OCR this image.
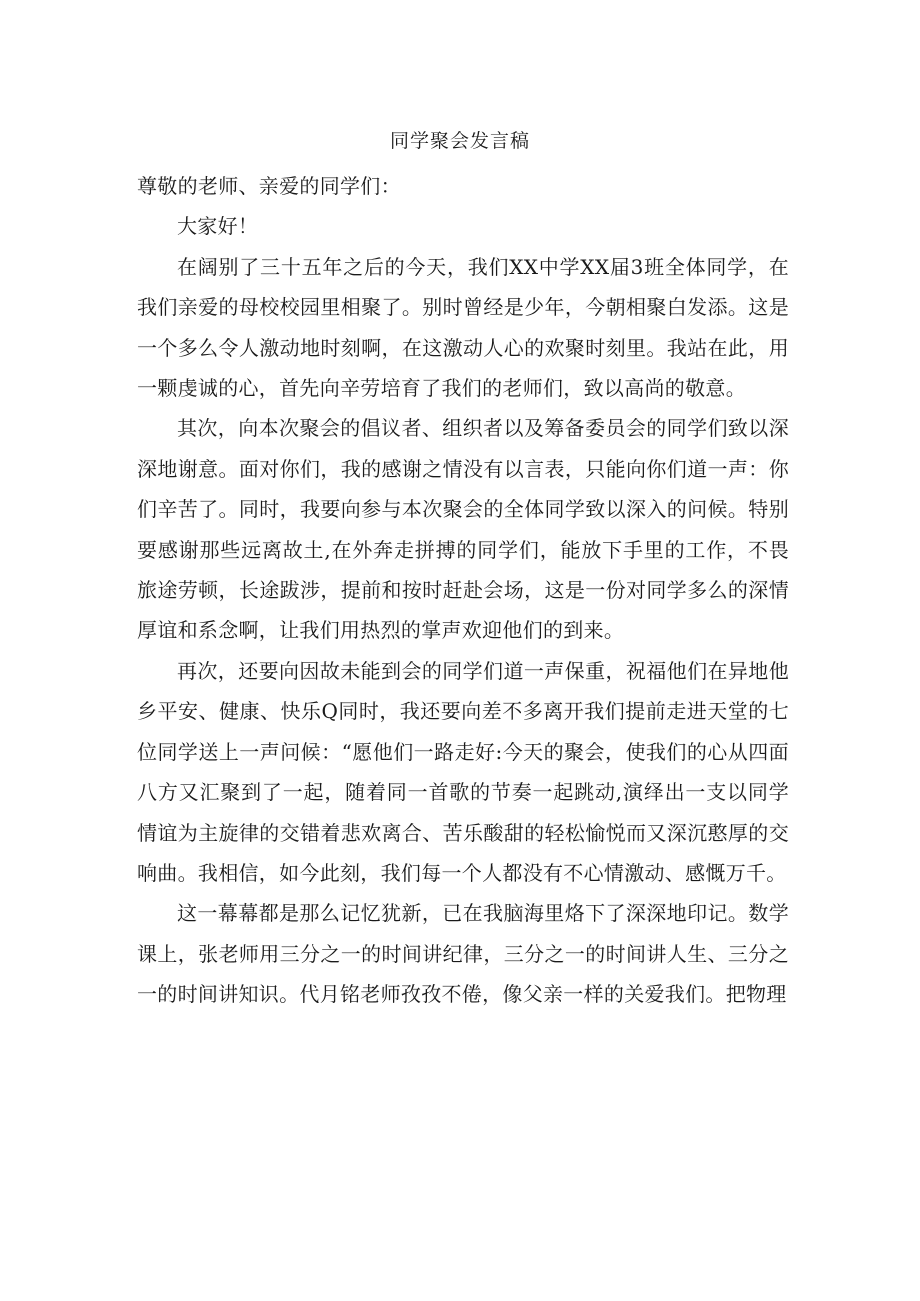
同学聚会发言稿

尊敬的老师、亲爱的同学们：

大家好！

在阔别了三十五年之后的今天，我们XX中学XX届3班全体同学，在我们亲爱的母校校园里相聚了。别时曾经是少年，今朝相聚白发添。这是一个多么令人激动地时刻啊，在这激动人心的欢聚时刻里。我站在此，用一颗虔诚的心，首先向辛劳培育了我们的老师们，致以高尚的敬意。

其次，向本次聚会的倡议者、组织者以及筹备委员会的同学们致以深深地谢意。面对你们，我的感谢之情没有以言表，只能向你们道一声：你们辛苦了。同时，我要向参与本次聚会的全体同学致以深入的问候。特别要感谢那些远离故土,在外奔走拼搏的同学们，能放下手里的工作，不畏旅途劳顿，长途跋涉，提前和按时赶赴会场，这是一份对同学多么的深情厚谊和系念啊，让我们用热烈的掌声欢迎他们的到来。

再次，还要向因故未能到会的同学们道一声保重，祝福他们在异地他乡平安、健康、快乐Q同时，我还要向差不多离开我们提前走进天堂的七位同学送上一声问候：“愿他们一路走好:今天的聚会，使我们的心从四面八方又汇聚到了一起，随着同一首歌的节奏一起跳动,演绎出一支以同学情谊为主旋律的交错着悲欢离合、苦乐酸甜的轻松愉悦而又深沉憨厚的交响曲。我相信，如今此刻，我们每一个人都没有不心情激动、感慨万千。

这一幕幕都是那么记忆犹新，已在我脑海里烙下了深深地印记。数学课上，张老师用三分之一的时间讲纪律，三分之一的时间讲人生、三分之一的时间讲知识。代月铭老师孜孜不倦，像父亲一样的关爱我们。把物理
